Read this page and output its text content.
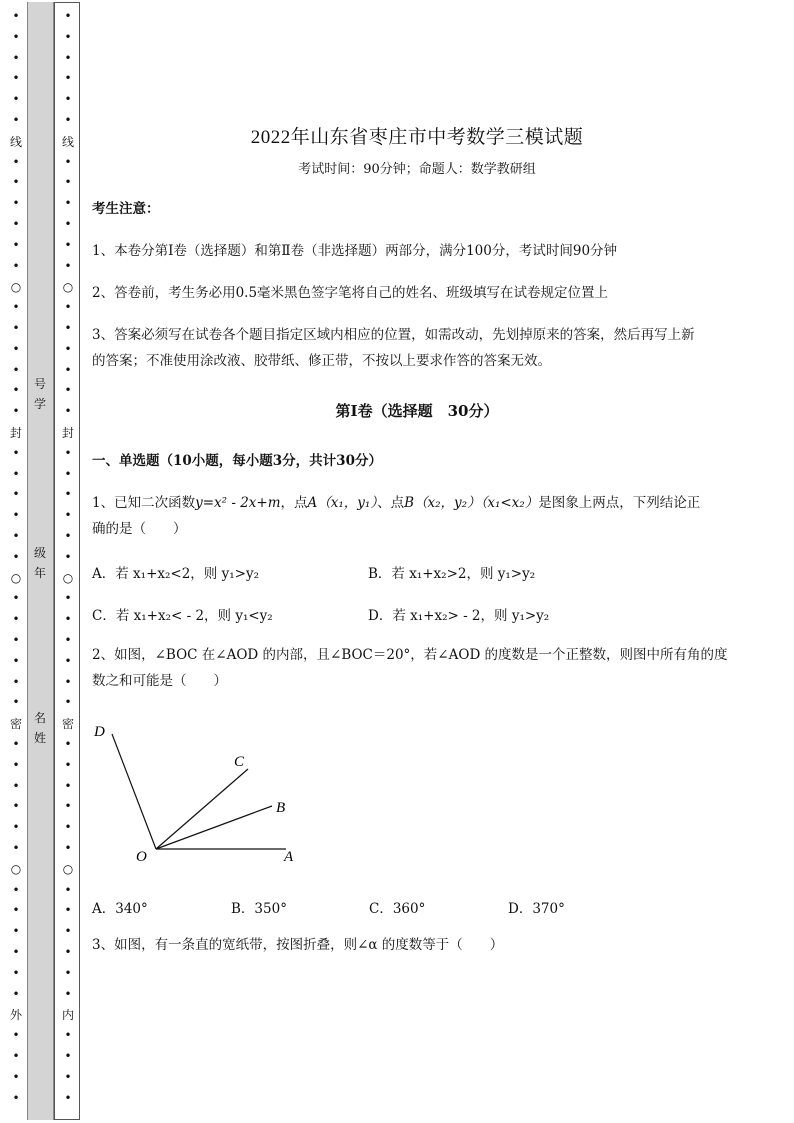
•
•
•
•
•
•
•
•
•
•
•
•
•
•
•
•
•
•
•
•
•
•
•
•
•
•
•
•
•
•
•
•
•
•
•
•
•
•
•
•
•
•
•
•
•
•
•
•
•
•
•
•
•
•
•
•
•
•
•
•
•
•
•
•
•
•
•
•
•
•
•
•
•
•
•
•
•
•
•
•
•
•
•
•
•
•
•
•
•
•
•
•
线
封
密
外
线
封
密
内
○
○
○
○
○
○
号
学
级
年
名
姓
2022年山东省枣庄市中考数学三模试题
考试时间：90分钟；命题人：数学教研组
考生注意：
1、本卷分第I卷（选择题）和第Ⅱ卷（非选择题）两部分，满分100分，考试时间90分钟
2、答卷前，考生务必用0.5毫米黑色签字笔将自己的姓名、班级填写在试卷规定位置上
3、答案必须写在试卷各个题目指定区域内相应的位置，如需改动，先划掉原来的答案，然后再写上新
的答案；不准使用涂改液、胶带纸、修正带，不按以上要求作答的答案无效。
第I卷（选择题　30分）
一、单选题（10小题，每小题3分，共计30分）
1、已知二次函数y=x² - 2x+m，点A（x₁，y₁）、点B（x₂，y₂）（x₁<x₂）是图象上两点，下列结论正
确的是（　　）
A．若 x₁+x₂<2，则 y₁>y₂	B．若 x₁+x₂>2，则 y₁>y₂
C．若 x₁+x₂< - 2，则 y₁<y₂	D．若 x₁+x₂> - 2，则 y₁>y₂
2、如图，∠BOC 在∠AOD 的内部，且∠BOC＝20°，若∠AOD 的度数是一个正整数，则图中所有角的度
数之和可能是（　　）
D
C
B
O	A
A．340°	B．350°	C．360°	D．370°
3、如图，有一条直的宽纸带，按图折叠，则∠α 的度数等于（　　）
